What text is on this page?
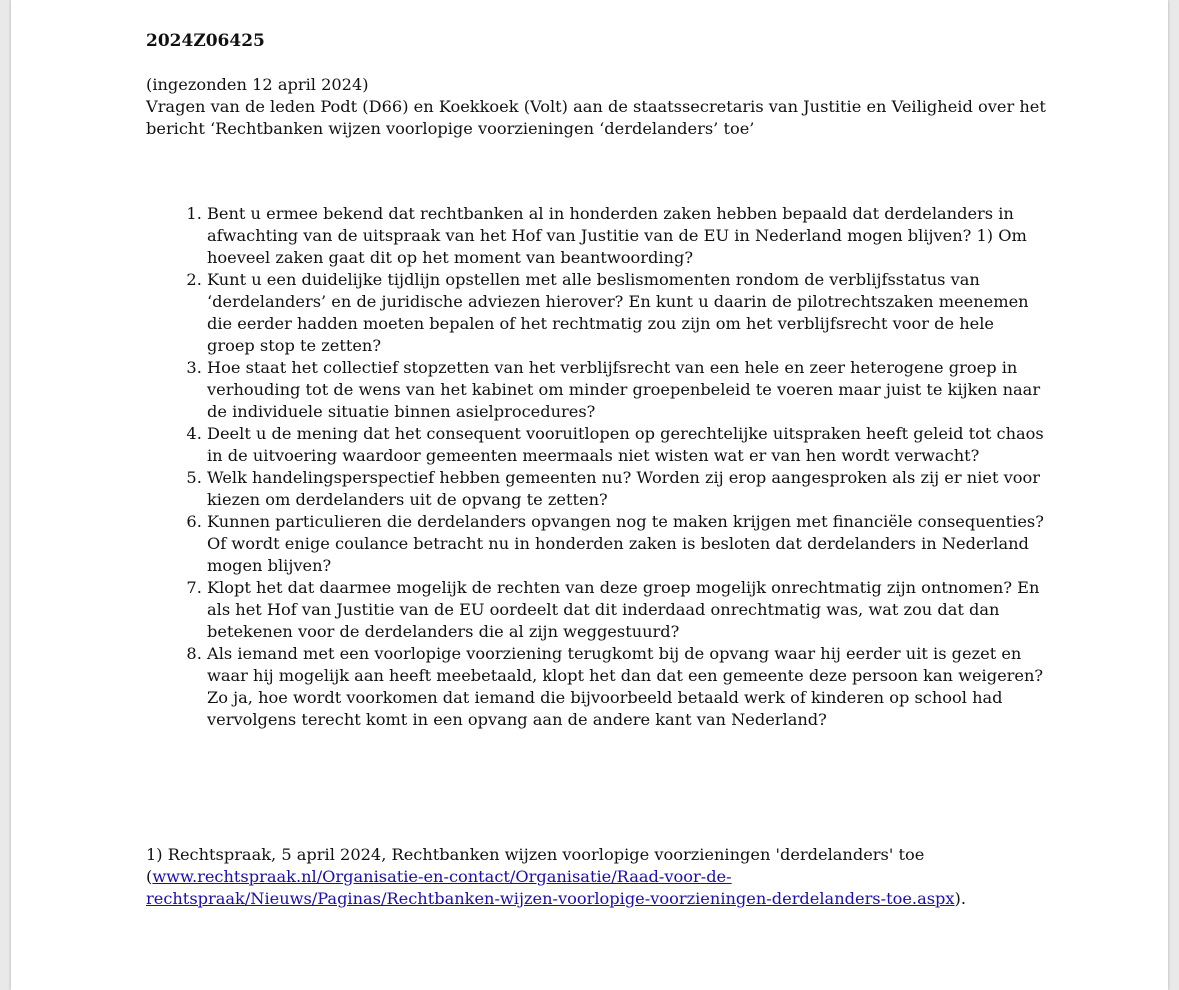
2024Z06425

(ingezonden 12 april 2024)

Vragen van de leden Podt (D66) en Koekkoek (Volt) aan de staatssecretaris van Justitie en Veiligheid over het bericht ‘Rechtbanken wijzen voorlopige voorzieningen ‘derdelanders’ toe’

1. Bent u ermee bekend dat rechtbanken al in honderden zaken hebben bepaald dat derdelanders in afwachting van de uitspraak van het Hof van Justitie van de EU in Nederland mogen blijven? 1) Om hoeveel zaken gaat dit op het moment van beantwoording?
2. Kunt u een duidelijke tijdlijn opstellen met alle beslismomenten rondom de verblijfsstatus van ‘derdelanders’ en de juridische adviezen hierover? En kunt u daarin de pilotrechtszaken meenemen die eerder hadden moeten bepalen of het rechtmatig zou zijn om het verblijfsrecht voor de hele groep stop te zetten?
3. Hoe staat het collectief stopzetten van het verblijfsrecht van een hele en zeer heterogene groep in verhouding tot de wens van het kabinet om minder groepenbeleid te voeren maar juist te kijken naar de individuele situatie binnen asielprocedures?
4. Deelt u de mening dat het consequent vooruitlopen op gerechtelijke uitspraken heeft geleid tot chaos in de uitvoering waardoor gemeenten meermaals niet wisten wat er van hen wordt verwacht?
5. Welk handelingsperspectief hebben gemeenten nu? Worden zij erop aangesproken als zij er niet voor kiezen om derdelanders uit de opvang te zetten?
6. Kunnen particulieren die derdelanders opvangen nog te maken krijgen met financiële consequenties? Of wordt enige coulance betracht nu in honderden zaken is besloten dat derdelanders in Nederland mogen blijven?
7. Klopt het dat daarmee mogelijk de rechten van deze groep mogelijk onrechtmatig zijn ontnomen? En als het Hof van Justitie van de EU oordeelt dat dit inderdaad onrechtmatig was, wat zou dat dan betekenen voor de derdelanders die al zijn weggestuurd?
8. Als iemand met een voorlopige voorziening terugkomt bij de opvang waar hij eerder uit is gezet en waar hij mogelijk aan heeft meebetaald, klopt het dan dat een gemeente deze persoon kan weigeren? Zo ja, hoe wordt voorkomen dat iemand die bijvoorbeeld betaald werk of kinderen op school had vervolgens terecht komt in een opvang aan de andere kant van Nederland?
1) Rechtspraak, 5 april 2024, Rechtbanken wijzen voorlopige voorzieningen 'derdelanders' toe (www.rechtspraak.nl/Organisatie-en-contact/Organisatie/Raad-voor-de-rechtspraak/Nieuws/Paginas/Rechtbanken-wijzen-voorlopige-voorzieningen-derdelanders-toe.aspx).
